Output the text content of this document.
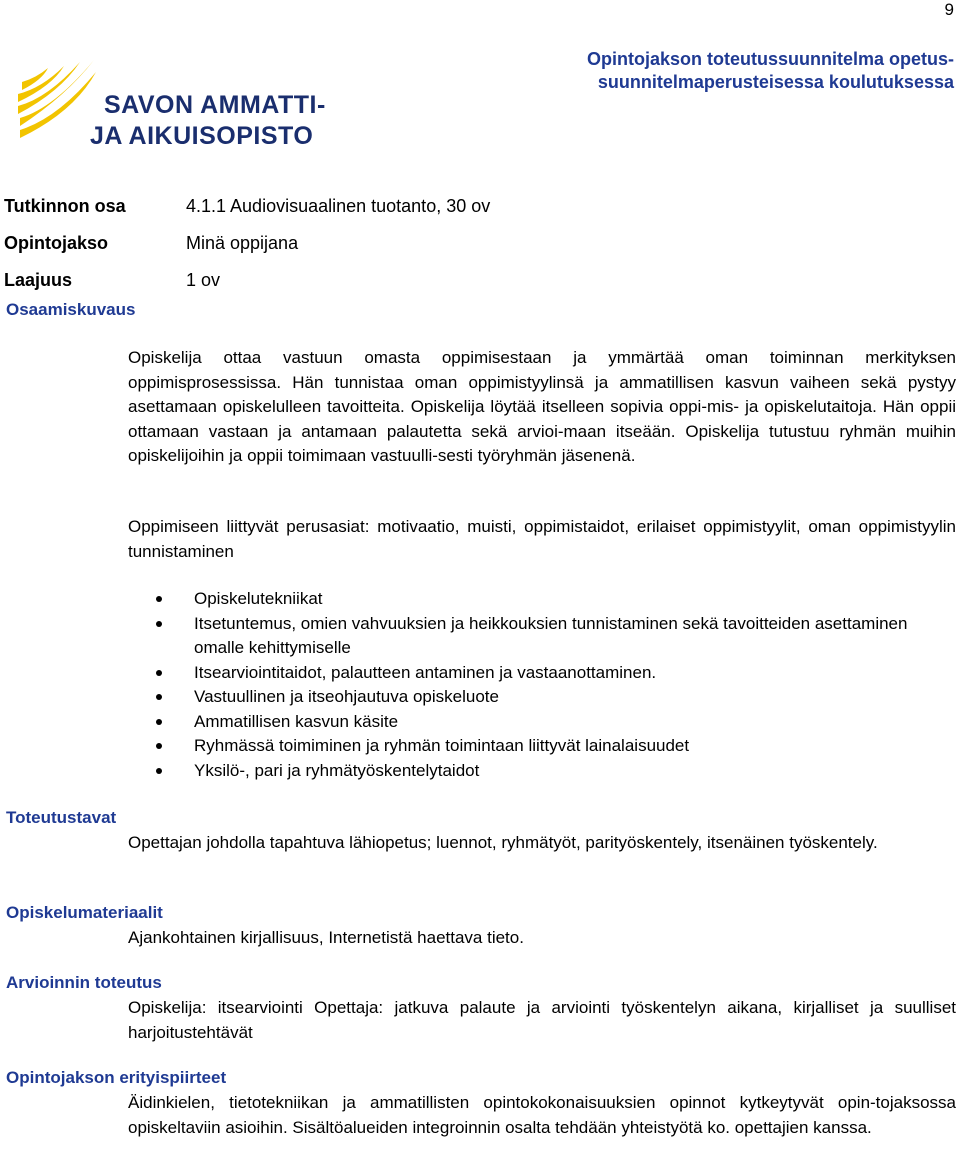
9
Opintojakson toteutussuunnitelma opetus-
suunnitelmaperusteisessa koulutuksessa
SAVON AMMATTI-
JA AIKUISOPISTO
Tutkinnon osa	4.1.1 Audiovisuaalinen tuotanto, 30 ov
Opintojakso	Minä oppijana
Laajuus	1 ov
Osaamiskuvaus
Opiskelija ottaa vastuun omasta oppimisestaan ja ymmärtää oman toiminnan merkityksen oppimisprosessissa. Hän tunnistaa oman oppimistyylinsä ja ammatillisen kasvun vaiheen sekä pystyy asettamaan opiskelulleen tavoitteita. Opiskelija löytää itselleen sopivia oppi-mis- ja opiskelutaitoja. Hän oppii ottamaan vastaan ja antamaan palautetta sekä arvioi-maan itseään. Opiskelija tutustuu ryhmän muihin opiskelijoihin ja oppii toimimaan vastuulli-sesti työryhmän jäsenenä.
Oppimiseen liittyvät perusasiat: motivaatio, muisti, oppimistaidot, erilaiset oppimistyylit, oman oppimistyylin tunnistaminen
Opiskelutekniikat
Itsetuntemus, omien vahvuuksien ja heikkouksien tunnistaminen sekä tavoitteiden asettaminen omalle kehittymiselle
Itsearviointitaidot, palautteen antaminen ja vastaanottaminen.
Vastuullinen ja itseohjautuva opiskeluote
Ammatillisen kasvun käsite
Ryhmässä toimiminen ja ryhmän toimintaan liittyvät lainalaisuudet
Yksilö-, pari ja ryhmätyöskentelytaidot
Toteutustavat
Opettajan johdolla tapahtuva lähiopetus; luennot, ryhmätyöt, parityöskentely, itsenäinen työskentely.
Opiskelumateriaalit
Ajankohtainen kirjallisuus, Internetistä haettava tieto.
Arvioinnin toteutus
Opiskelija: itsearviointi Opettaja: jatkuva palaute ja arviointi työskentelyn aikana, kirjalliset ja suulliset harjoitustehtävät
Opintojakson erityispiirteet
Äidinkielen, tietotekniikan ja ammatillisten opintokokonaisuuksien opinnot kytkeytyvät opin-tojaksossa opiskeltaviin asioihin. Sisältöalueiden integroinnin osalta tehdään yhteistyötä ko. opettajien kanssa.
